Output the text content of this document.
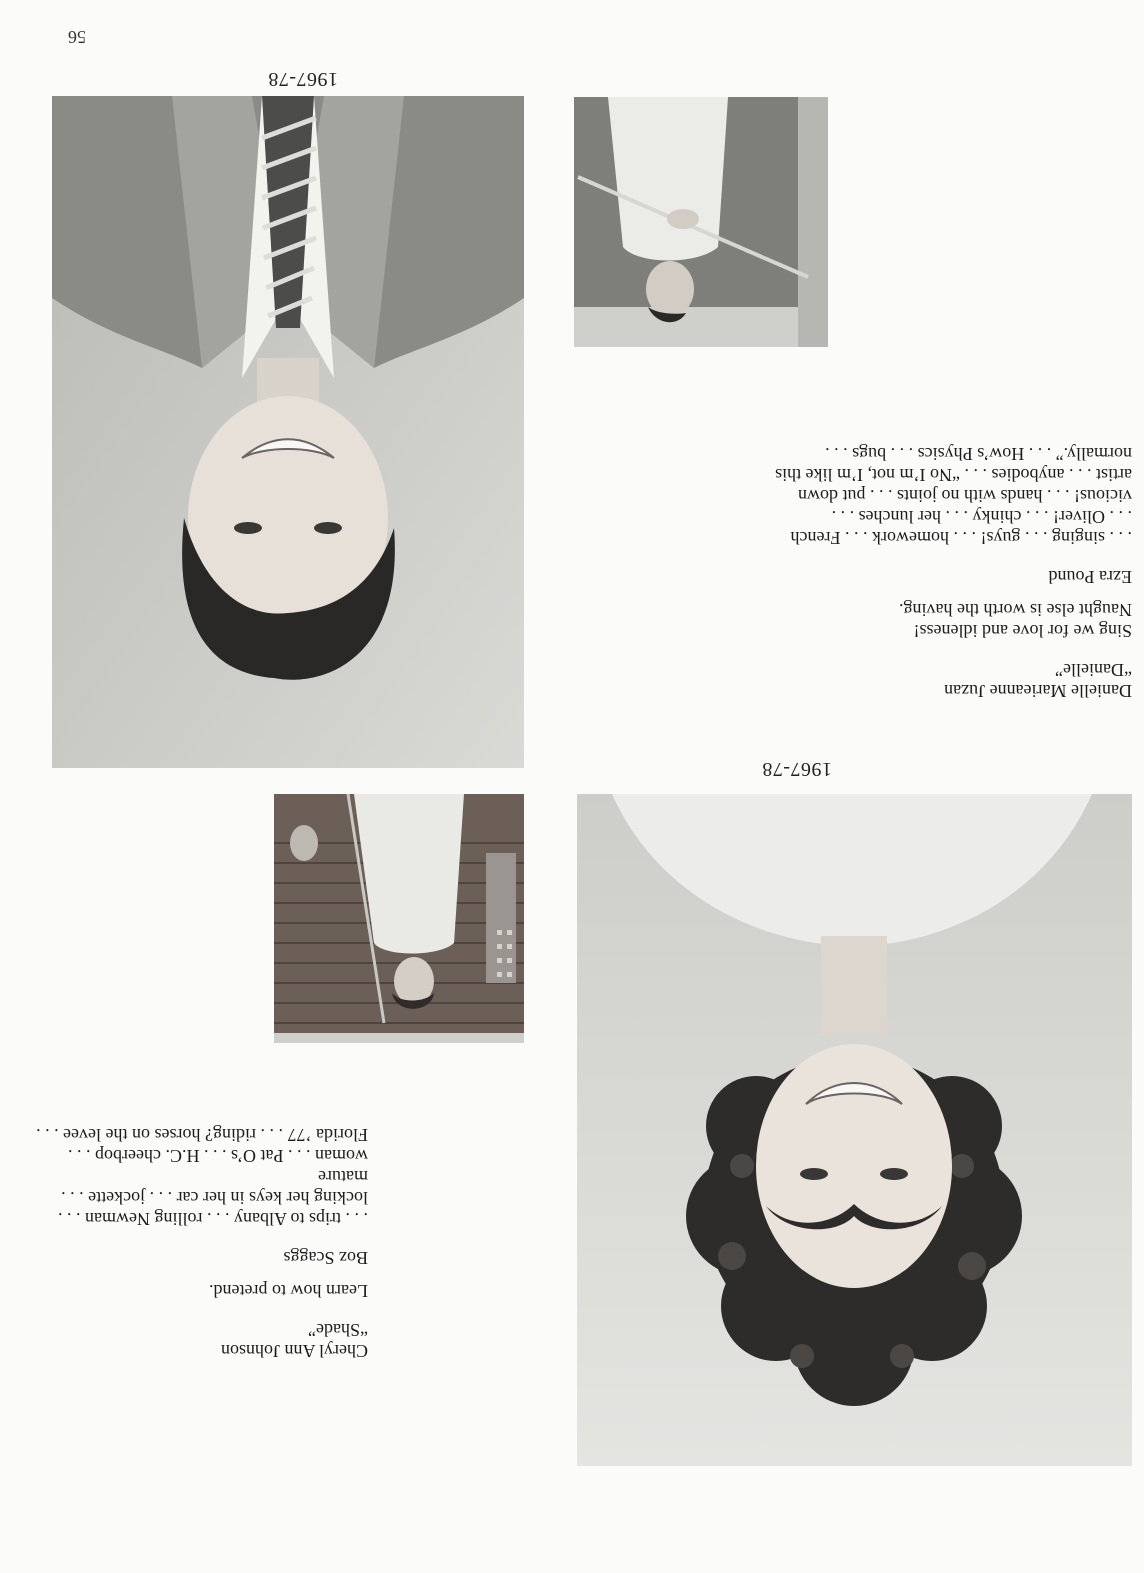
56
1967-78
1967-78

Cheryl Ann Johnson

“Shade”

Learn how to pretend.

Boz Scaggs

. . . trips to Albany . . . rolling Newman . . .

locking her keys in her car . . . jockette . . . mature

woman . . . Pat O’s . . . H.C. cheerbop . . .

Florida ’77 . . . riding? horses on the levee . . .

Danielle Marieanne Juzan

“Danielle”

Sing we for love and idleness!

Naught else is worth the having.

Ezra Pound

. . . singing . . . guys! . . . homework . . . French

. . . Oliver! . . . chinky . . . her lunches . . .

vicious! . . . hands with no joints . . . put down

artist . . . anybodies . . . “No I’m not, I’m like this

normally.” . . . How’s Physics . . . bugs . . .
